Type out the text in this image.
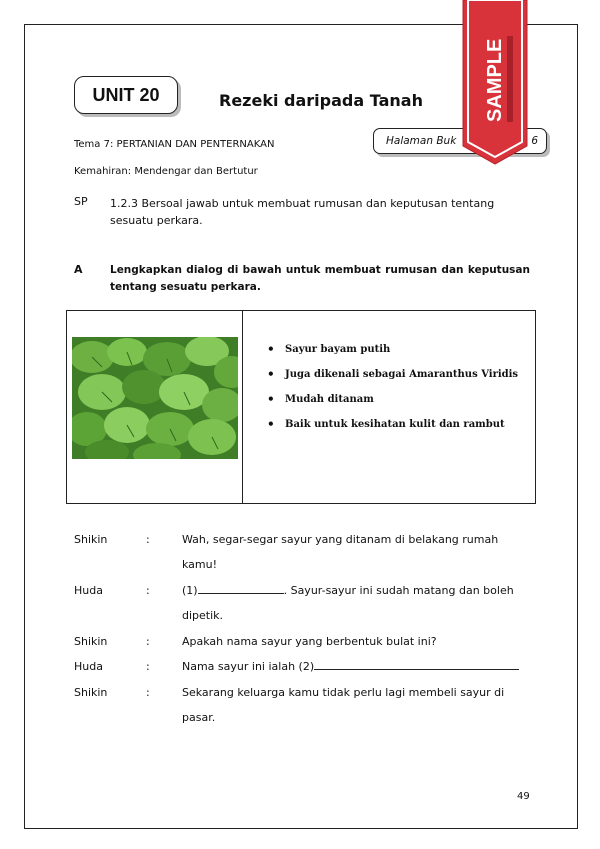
UNIT 20	Rezeki daripada Tanah
Halaman Buk	6
Tema 7: PERTANIAN DAN PENTERNAKAN
Kemahiran: Mendengar dan Bertutur
SP 1.2.3 Bersoal jawab untuk membuat rumusan dan keputusan tentang sesuatu perkara.
A	Lengkapkan dialog di bawah untuk membuat rumusan dan keputusan tentang sesuatu perkara.
• Sayur bayam putih
• Juga dikenali sebagai Amaranthus Viridis
• Mudah ditanam
• Baik untuk kesihatan kulit dan rambut
Shikin	:	Wah, segar-segar sayur yang ditanam di belakang rumah kamu!
Huda	:	(1)	. Sayur-sayur ini sudah matang dan boleh dipetik.
Shikin	:	Apakah nama sayur yang berbentuk bulat ini?
Huda	:	Nama sayur ini ialah (2)
Shikin	:	Sekarang keluarga kamu tidak perlu lagi membeli sayur di pasar.
49
SAMPLE
